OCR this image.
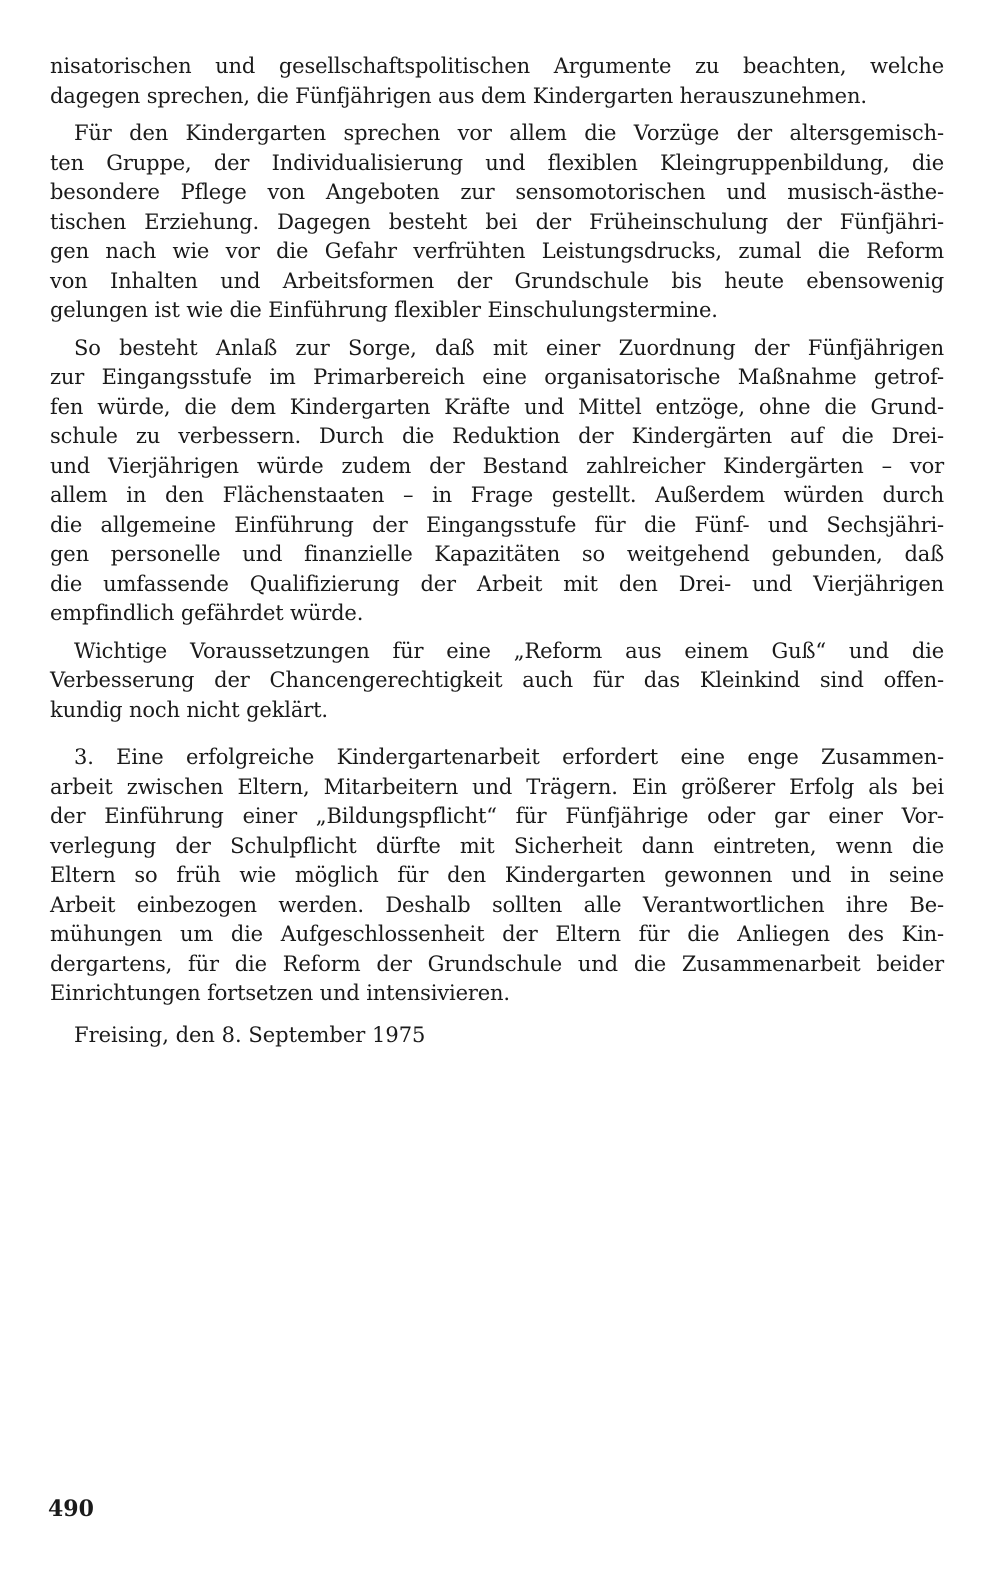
nisatorischen und gesellschaftspolitischen Argumente zu beachten, welche
dagegen sprechen, die Fünfjährigen aus dem Kindergarten herauszunehmen.
Für den Kindergarten sprechen vor allem die Vorzüge der altersgemisch-
ten Gruppe, der Individualisierung und flexiblen Kleingruppenbildung, die
besondere Pflege von Angeboten zur sensomotorischen und musisch-ästhe-
tischen Erziehung. Dagegen besteht bei der Früheinschulung der Fünfjähri-
gen nach wie vor die Gefahr verfrühten Leistungsdrucks, zumal die Reform
von Inhalten und Arbeitsformen der Grundschule bis heute ebensowenig
gelungen ist wie die Einführung flexibler Einschulungstermine.
So besteht Anlaß zur Sorge, daß mit einer Zuordnung der Fünfjährigen
zur Eingangsstufe im Primarbereich eine organisatorische Maßnahme getrof-
fen würde, die dem Kindergarten Kräfte und Mittel entzöge, ohne die Grund-
schule zu verbessern. Durch die Reduktion der Kindergärten auf die Drei-
und Vierjährigen würde zudem der Bestand zahlreicher Kindergärten – vor
allem in den Flächenstaaten – in Frage gestellt. Außerdem würden durch
die allgemeine Einführung der Eingangsstufe für die Fünf- und Sechsjähri-
gen personelle und finanzielle Kapazitäten so weitgehend gebunden, daß
die umfassende Qualifizierung der Arbeit mit den Drei- und Vierjährigen
empfindlich gefährdet würde.
Wichtige Voraussetzungen für eine „Reform aus einem Guß“ und die
Verbesserung der Chancengerechtigkeit auch für das Kleinkind sind offen-
kundig noch nicht geklärt.
3. Eine erfolgreiche Kindergartenarbeit erfordert eine enge Zusammen-
arbeit zwischen Eltern, Mitarbeitern und Trägern. Ein größerer Erfolg als bei
der Einführung einer „Bildungspflicht“ für Fünfjährige oder gar einer Vor-
verlegung der Schulpflicht dürfte mit Sicherheit dann eintreten, wenn die
Eltern so früh wie möglich für den Kindergarten gewonnen und in seine
Arbeit einbezogen werden. Deshalb sollten alle Verantwortlichen ihre Be-
mühungen um die Aufgeschlossenheit der Eltern für die Anliegen des Kin-
dergartens, für die Reform der Grundschule und die Zusammenarbeit beider
Einrichtungen fortsetzen und intensivieren.
Freising, den 8. September 1975
490
